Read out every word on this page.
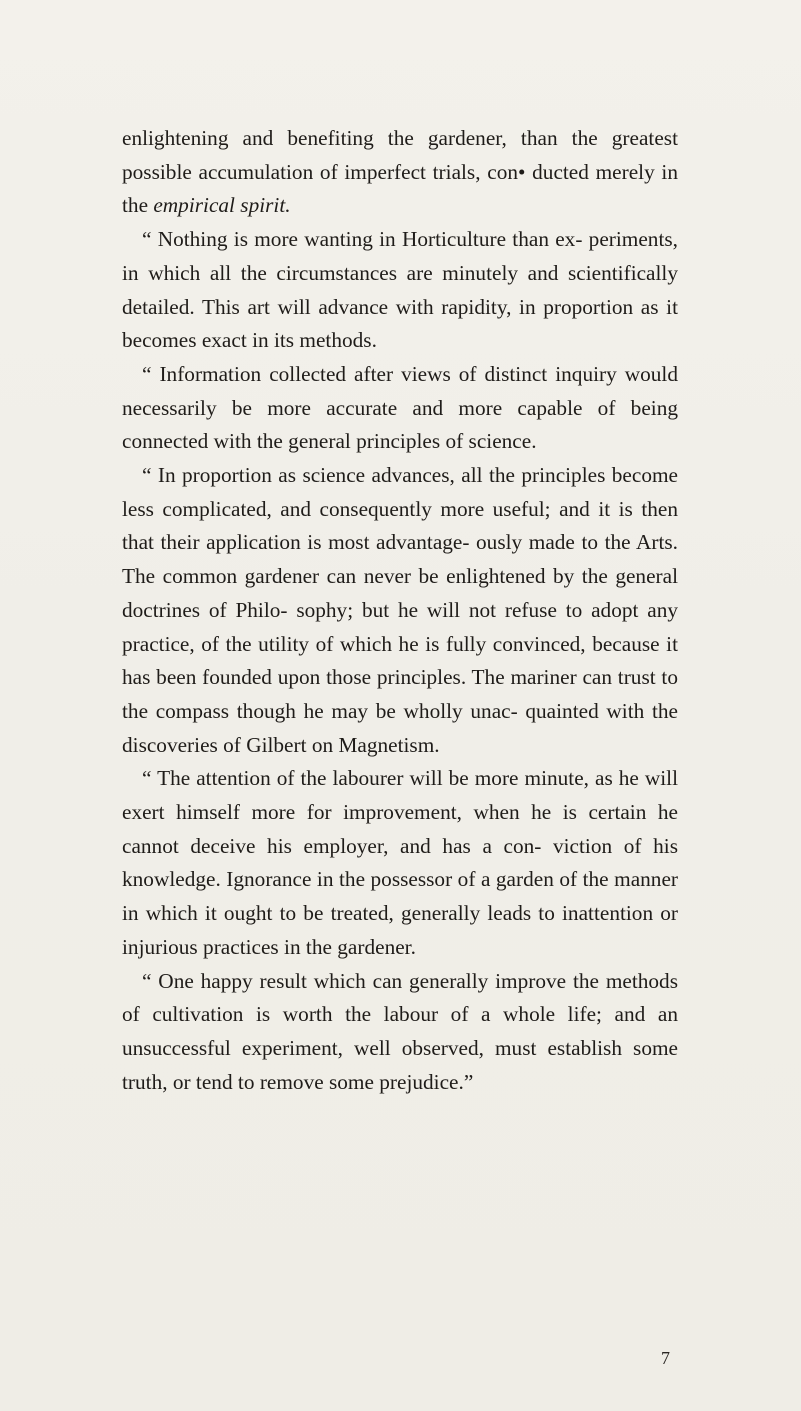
enlightening and benefiting the gardener, than the greatest possible accumulation of imperfect trials, con• ducted merely in the empirical spirit.

“ Nothing is more wanting in Horticulture than ex- periments, in which all the circumstances are minutely and scientifically detailed. This art will advance with rapidity, in proportion as it becomes exact in its methods.

“ Information collected after views of distinct inquiry would necessarily be more accurate and more capable of being connected with the general principles of science.

“ In proportion as science advances, all the principles become less complicated, and consequently more useful; and it is then that their application is most advantage- ously made to the Arts. The common gardener can never be enlightened by the general doctrines of Philo- sophy; but he will not refuse to adopt any practice, of the utility of which he is fully convinced, because it has been founded upon those principles. The mariner can trust to the compass though he may be wholly unac- quainted with the discoveries of Gilbert on Magnetism.

“ The attention of the labourer will be more minute, as he will exert himself more for improvement, when he is certain he cannot deceive his employer, and has a con- viction of his knowledge. Ignorance in the possessor of a garden of the manner in which it ought to be treated, generally leads to inattention or injurious practices in the gardener.

“ One happy result which can generally improve the methods of cultivation is worth the labour of a whole life; and an unsuccessful experiment, well observed, must establish some truth, or tend to remove some prejudice.”

7
